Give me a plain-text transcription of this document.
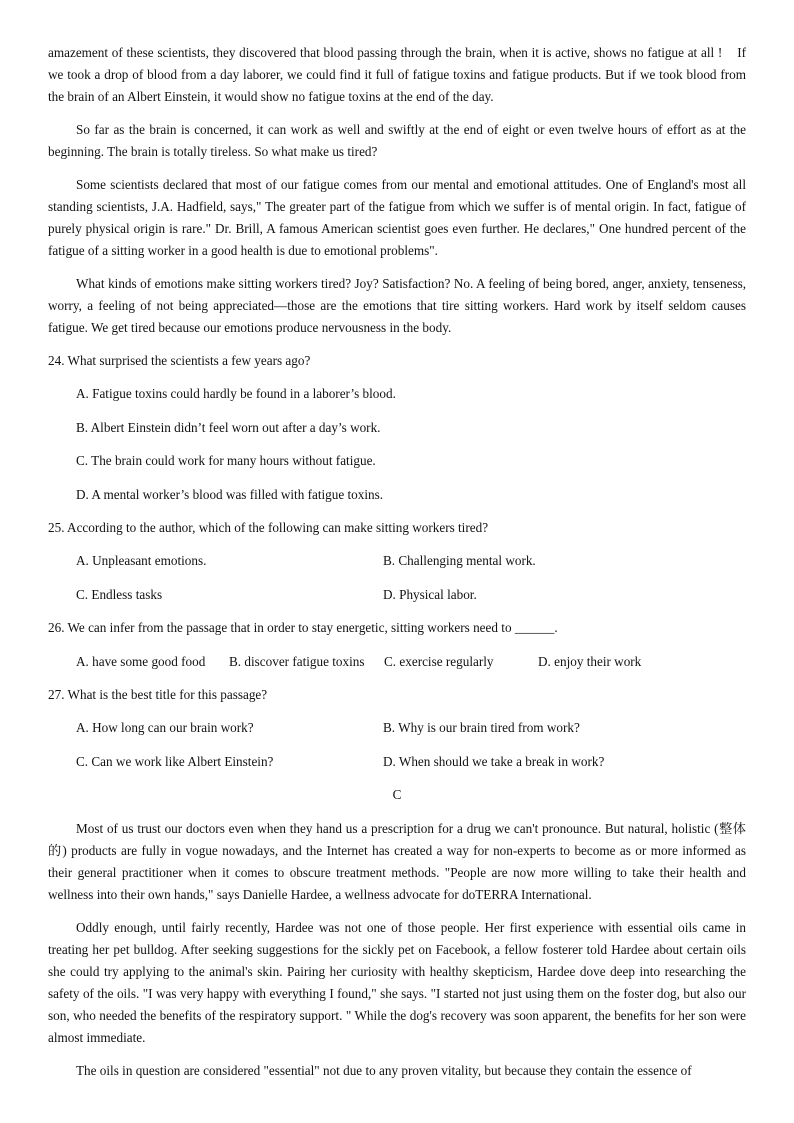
amazement of these scientists, they discovered that blood passing through the brain, when it is active, shows no fatigue at all !    If we took a drop of blood from a day laborer, we could find it full of fatigue toxins and fatigue products. But if we took blood from the brain of an Albert Einstein, it would show no fatigue toxins at the end of the day.

So far as the brain is concerned, it can work as well and swiftly at the end of eight or even twelve hours of effort as at the beginning. The brain is totally tireless. So what make us tired?

Some scientists declared that most of our fatigue comes from our mental and emotional attitudes. One of England's most all standing scientists, J.A. Hadfield, says," The greater part of the fatigue from which we suffer is of mental origin. In fact, fatigue of purely physical origin is rare." Dr. Brill, A famous American scientist goes even further. He declares," One hundred percent of the fatigue of a sitting worker in a good health is due to emotional problems".

What kinds of emotions make sitting workers tired? Joy? Satisfaction? No. A feeling of being bored, anger, anxiety, tenseness, worry, a feeling of not being appreciated—those are the emotions that tire sitting workers. Hard work by itself seldom causes fatigue. We get tired because our emotions produce nervousness in the body.

24. What surprised the scientists a few years ago?
A. Fatigue toxins could hardly be found in a laborer’s blood.
B. Albert Einstein didn’t feel worn out after a day’s work.
C. The brain could work for many hours without fatigue.
D. A mental worker’s blood was filled with fatigue toxins.
25. According to the author, which of the following can make sitting workers tired?
A. Unpleasant emotions.	B. Challenging mental work.
C. Endless tasks	D. Physical labor.
26. We can infer from the passage that in order to stay energetic, sitting workers need to ______.
A. have some good food	B. discover fatigue toxins	C. exercise regularly	D. enjoy their work
27. What is the best title for this passage?
A. How long can our brain work?	B. Why is our brain tired from work?
C. Can we work like Albert Einstein?	D. When should we take a break in work?
C

Most of us trust our doctors even when they hand us a prescription for a drug we can't pronounce. But natural, holistic (整体的) products are fully in vogue nowadays, and the Internet has created a way for non-experts to become as or more informed as their general practitioner when it comes to obscure treatment methods. "People are now more willing to take their health and wellness into their own hands," says Danielle Hardee, a wellness advocate for doTERRA International.

Oddly enough, until fairly recently, Hardee was not one of those people. Her first experience with essential oils came in treating her pet bulldog. After seeking suggestions for the sickly pet on Facebook, a fellow fosterer told Hardee about certain oils she could try applying to the animal's skin. Pairing her curiosity with healthy skepticism, Hardee dove deep into researching the safety of the oils. "I was very happy with everything I found," she says. "I started not just using them on the foster dog, but also our son, who needed the benefits of the respiratory support. " While the dog's recovery was soon apparent, the benefits for her son were almost immediate.

The oils in question are considered "essential" not due to any proven vitality, but because they contain the essence of
